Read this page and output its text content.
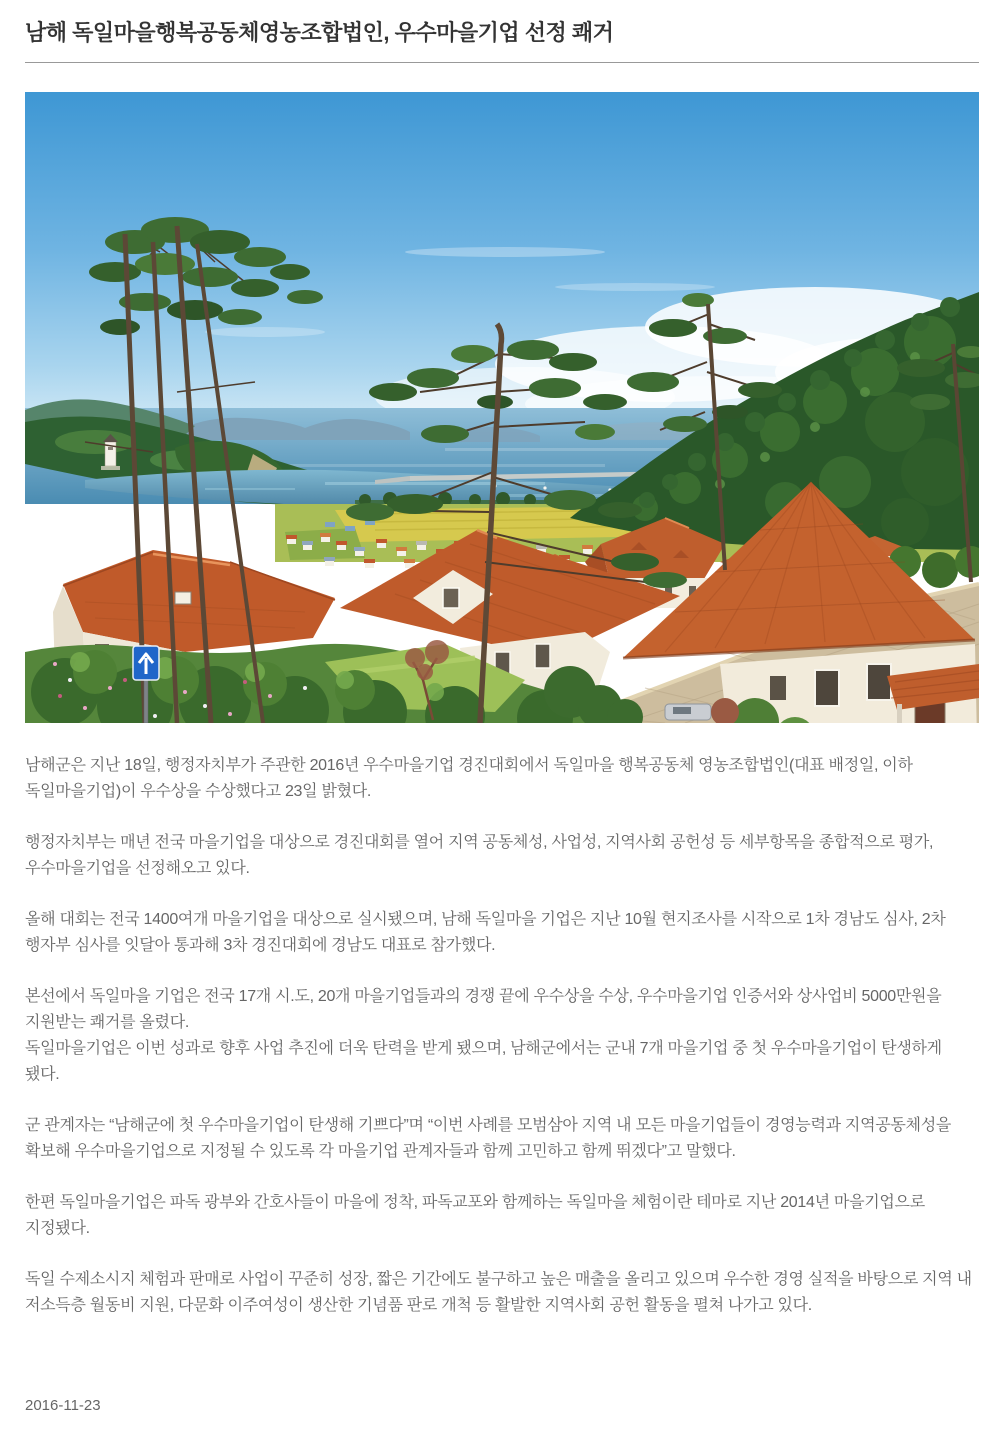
남해 독일마을행복공동체영농조합법인, 우수마을기업 선정 쾌거

남해군은 지난 18일, 행정자치부가 주관한 2016년 우수마을기업 경진대회에서 독일마을 행복공동체 영농조합법인(대표 배정일, 이하 독일마을기업)이 우수상을 수상했다고 23일 밝혔다.

행정자치부는 매년 전국 마을기업을 대상으로 경진대회를 열어 지역 공동체성, 사업성, 지역사회 공헌성 등 세부항목을 종합적으로 평가, 우수마을기업을 선정해오고 있다.

올해 대회는 전국 1400여개 마을기업을 대상으로 실시됐으며, 남해 독일마을 기업은 지난 10월 현지조사를 시작으로 1차 경남도 심사, 2차 행자부 심사를 잇달아 통과해 3차 경진대회에 경남도 대표로 참가했다.

본선에서 독일마을 기업은 전국 17개 시.도, 20개 마을기업들과의 경쟁 끝에 우수상을 수상, 우수마을기업 인증서와 상사업비 5000만원을 지원받는 쾌거를 올렸다.

독일마을기업은 이번 성과로 향후 사업 추진에 더욱 탄력을 받게 됐으며, 남해군에서는 군내 7개 마을기업 중 첫 우수마을기업이 탄생하게 됐다.

군 관계자는 “남해군에 첫 우수마을기업이 탄생해 기쁘다”며 “이번 사례를 모범삼아 지역 내 모든 마을기업들이 경영능력과 지역공동체성을 확보해 우수마을기업으로 지정될 수 있도록 각 마을기업 관계자들과 함께 고민하고 함께 뛰겠다”고 말했다.

한편 독일마을기업은 파독 광부와 간호사들이 마을에 정착, 파독교포와 함께하는 독일마을 체험이란 테마로 지난 2014년 마을기업으로 지정됐다.

독일 수제소시지 체험과 판매로 사업이 꾸준히 성장, 짧은 기간에도 불구하고 높은 매출을 올리고 있으며 우수한 경영 실적을 바탕으로 지역 내 저소득층 월동비 지원, 다문화 이주여성이 생산한 기념품 판로 개척 등 활발한 지역사회 공헌 활동을 펼쳐 나가고 있다.

2016-11-23
